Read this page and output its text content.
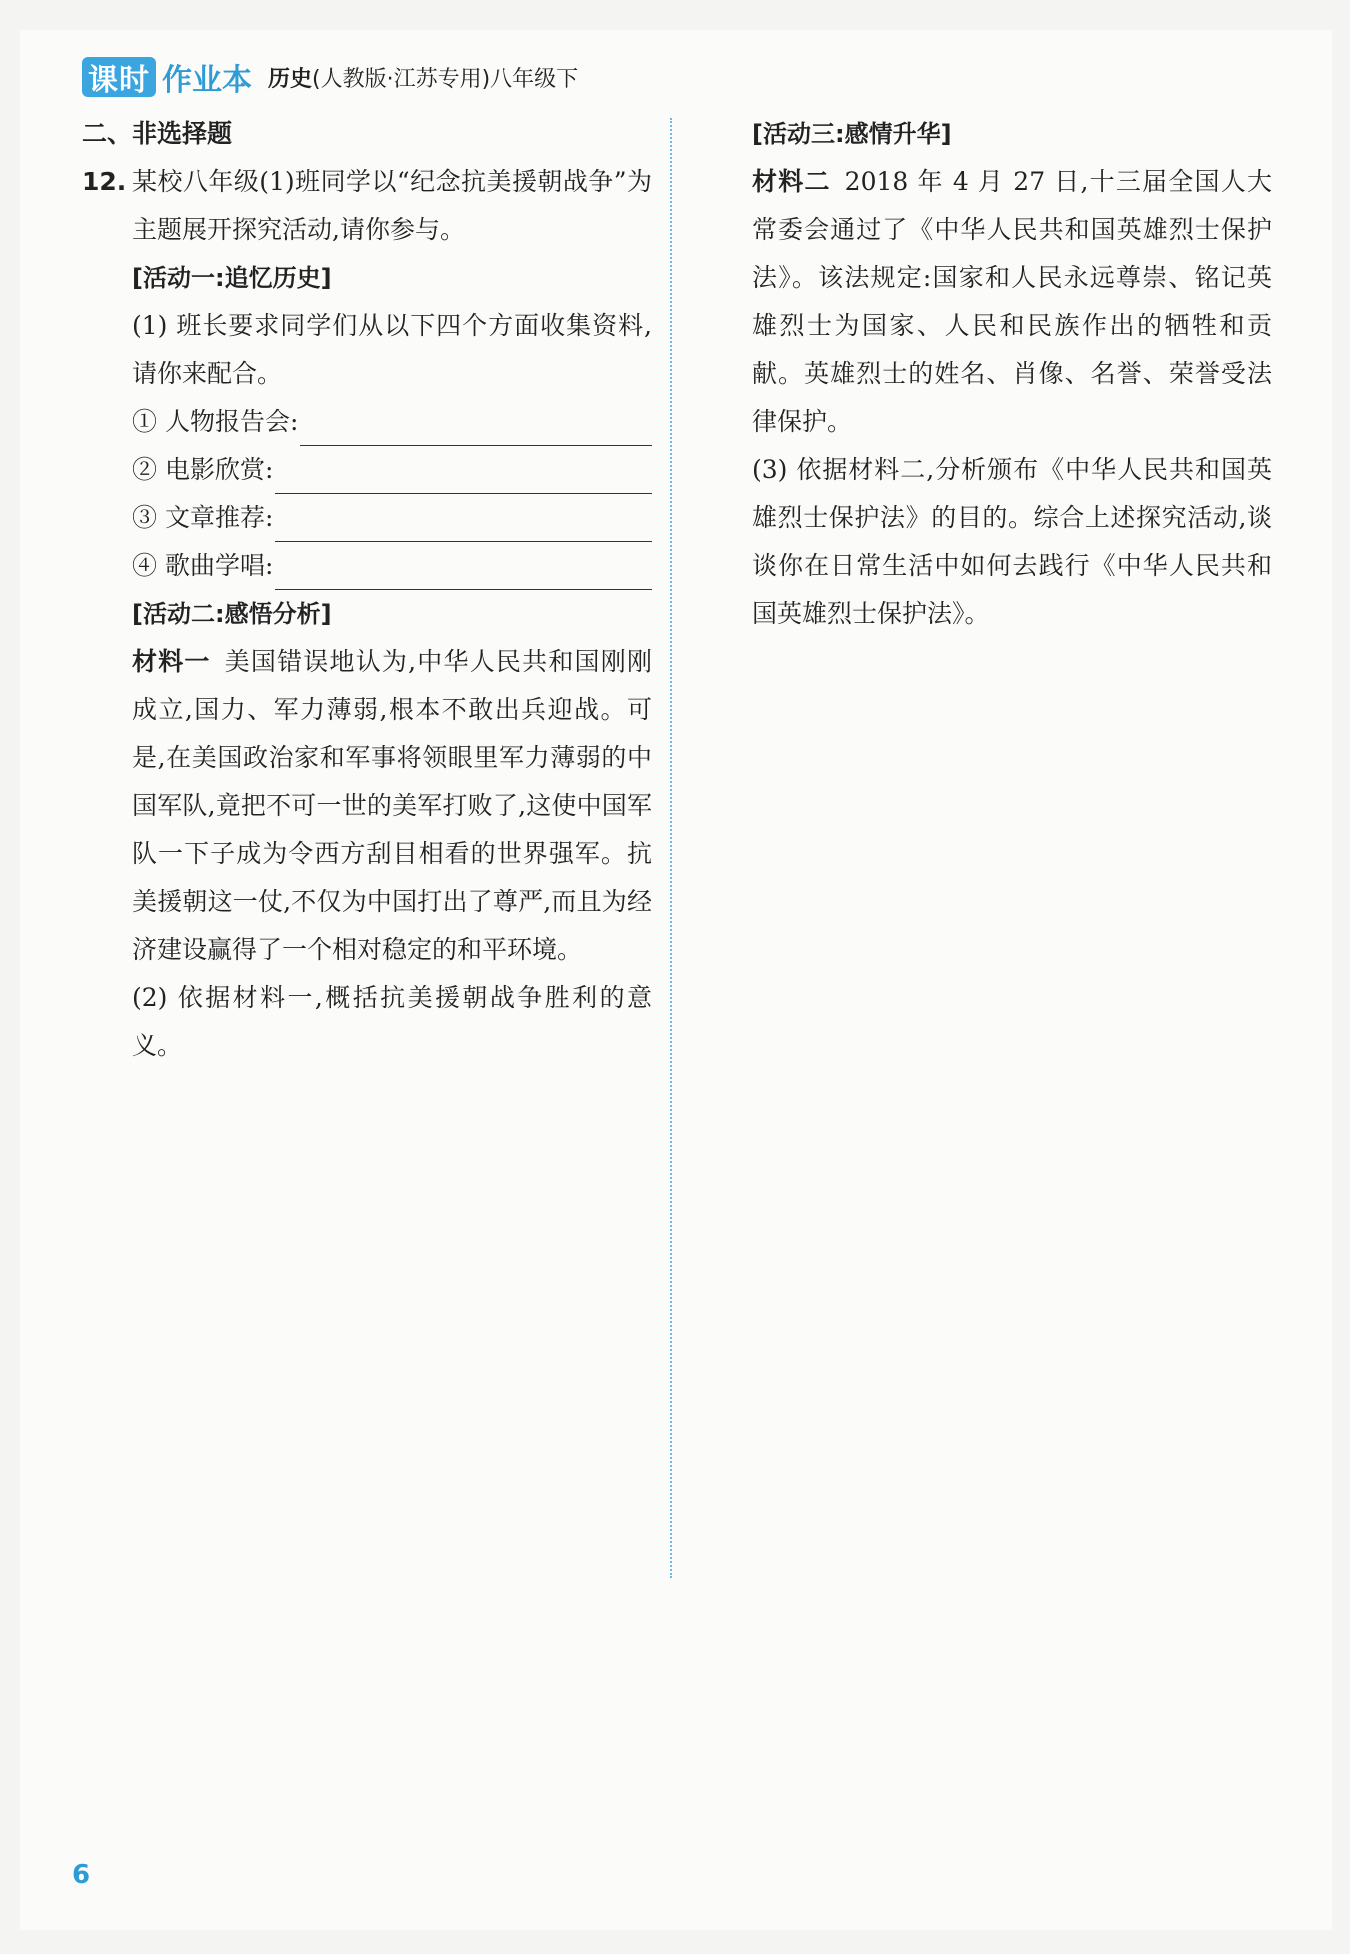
课时 作业本 历史(人教版·江苏专用)八年级下
二、非选择题
12. 某校八年级(1)班同学以“纪念抗美援朝战争”为主题展开探究活动,请你参与。
[活动一:追忆历史]
(1) 班长要求同学们从以下四个方面收集资料,请你来配合。
① 人物报告会:
② 电影欣赏:
③ 文章推荐:
④ 歌曲学唱:
[活动二:感悟分析]
材料一 美国错误地认为,中华人民共和国刚刚成立,国力、军力薄弱,根本不敢出兵迎战。可是,在美国政治家和军事将领眼里军力薄弱的中国军队,竟把不可一世的美军打败了,这使中国军队一下子成为令西方刮目相看的世界强军。抗美援朝这一仗,不仅为中国打出了尊严,而且为经济建设赢得了一个相对稳定的和平环境。
(2) 依据材料一,概括抗美援朝战争胜利的意义。
[活动三:感情升华]
材料二 2018 年 4 月 27 日,十三届全国人大常委会通过了《中华人民共和国英雄烈士保护法》。该法规定:国家和人民永远尊崇、铭记英雄烈士为国家、人民和民族作出的牺牲和贡献。英雄烈士的姓名、肖像、名誉、荣誉受法律保护。
(3) 依据材料二,分析颁布《中华人民共和国英雄烈士保护法》的目的。综合上述探究活动,谈谈你在日常生活中如何去践行《中华人民共和国英雄烈士保护法》。
6
